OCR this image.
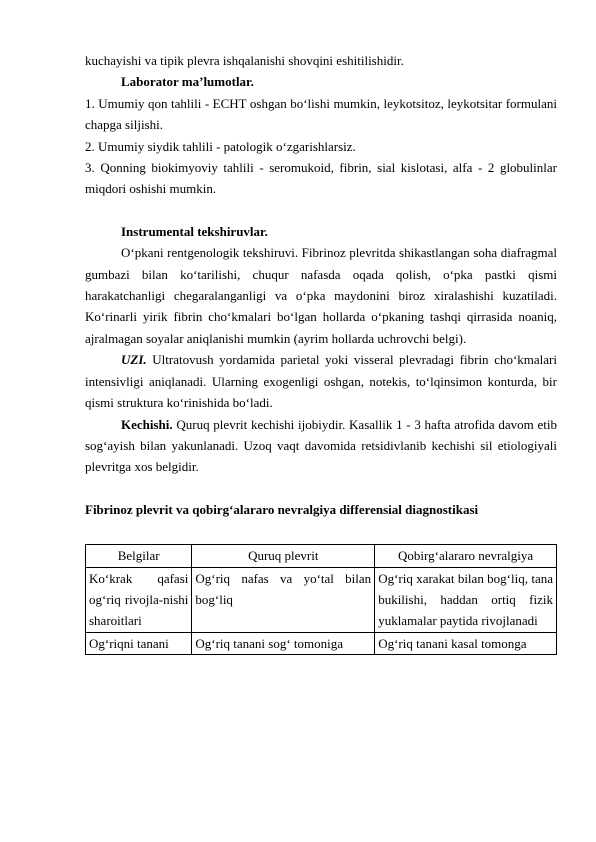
kuchayishi va tipik plevra ishqalanishi shovqini eshitilishidir.

Laborator ma’lumotlar.

1. Umumiy qon tahlili - ECHT oshgan bo‘lishi mumkin, leykotsitoz, leykotsitar formulani chapga siljishi.

2. Umumiy siydik tahlili - patologik o‘zgarishlarsiz.

3. Qonning biokimyoviy tahlili - seromukoid, fibrin, sial kislotasi, alfa - 2 globulinlar miqdori oshishi mumkin.

Instrumental tekshiruvlar.

O‘pkani rentgenologik tekshiruvi. Fibrinoz plevritda shikastlangan soha diafragmal gumbazi bilan ko‘tarilishi, chuqur nafasda oqada qolish, o‘pka pastki qismi harakatchanligi chegaralanganligi va o‘pka maydonini biroz xiralashishi kuzatiladi. Ko‘rinarli yirik fibrin cho‘kmalari bo‘lgan hollarda o‘pkaning tashqi qirrasida noaniq, ajralmagan soyalar aniqlanishi mumkin (ayrim hollarda uchrovchi belgi).

UZI. Ultratovush yordamida parietal yoki visseral plevradagi fibrin cho‘kmalari intensivligi aniqlanadi. Ularning exogenligi oshgan, notekis, to‘lqinsimon konturda, bir qismi struktura ko‘rinishida bo‘ladi.

Kechishi. Quruq plevrit kechishi ijobiydir. Kasallik 1 - 3 hafta atrofida davom etib sog‘ayish bilan yakunlanadi. Uzoq vaqt davomida retsidivlanib kechishi sil etiologiyali plevritga xos belgidir.

Fibrinoz plevrit va qobirg‘alararo nevralgiya differensial diagnostikasi

Belgilar	Quruq plevrit	Qobirg‘alararo nevralgiya
Ko‘krak qafasi og‘riq rivojla-nishi sharoitlari	Og‘riq nafas va yo‘tal bilan bog‘liq	Og‘riq xarakat bilan bog‘liq, tana bukilishi, haddan ortiq fizik yuklamalar paytida rivojlanadi
Og‘riqni tanani	Og‘riq tanani sog‘ tomoniga	Og‘riq tanani kasal tomonga
